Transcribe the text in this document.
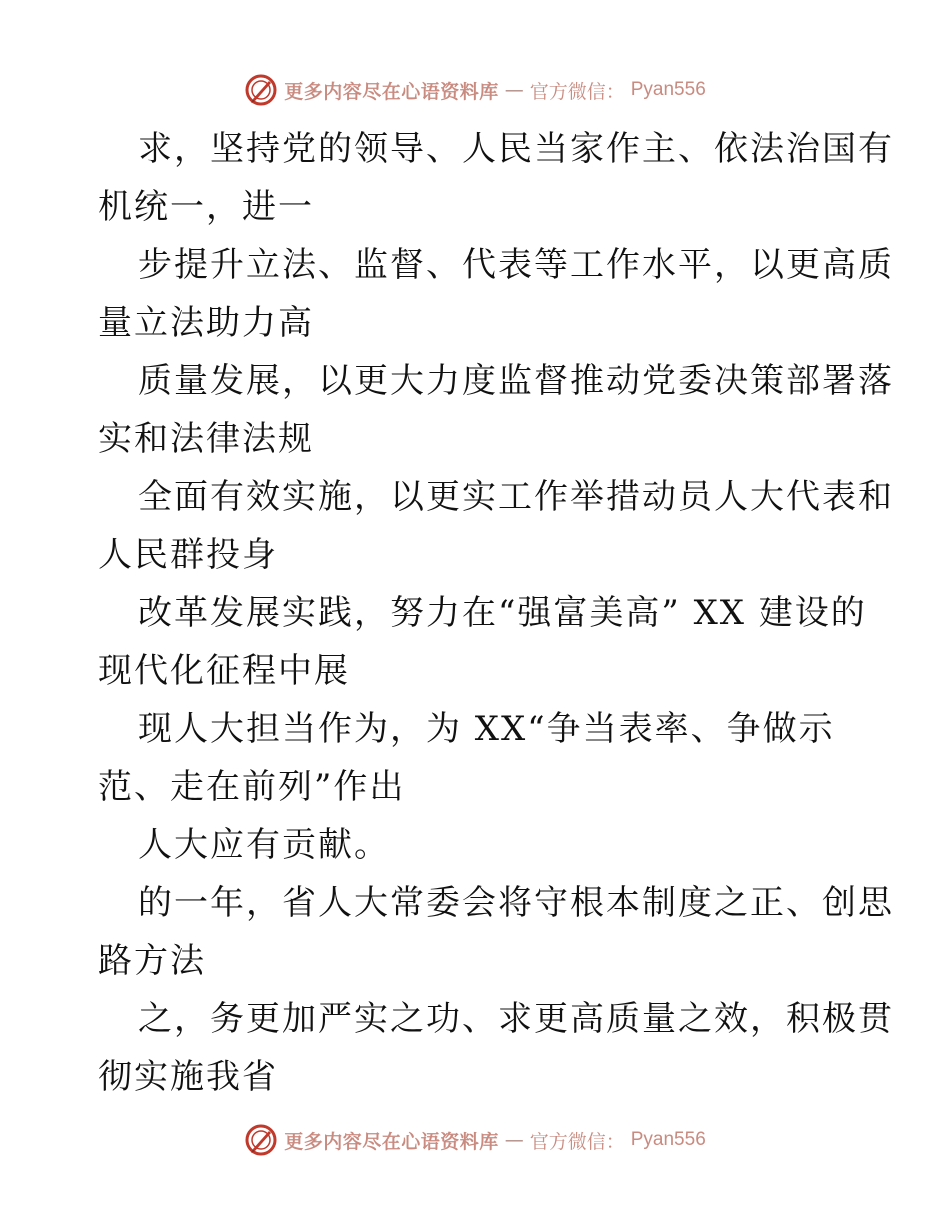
更多内容尽在心语资料库 — 官方微信： Pyan556
求，坚持党的领导、人民当家作主、依法治国有
机统一，进一
步提升立法、监督、代表等工作水平，以更高质
量立法助力高
质量发展，以更大力度监督推动党委决策部署落
实和法律法规
全面有效实施，以更实工作举措动员人大代表和
人民群投身
改革发展实践，努力在“强富美高” XX 建设的
现代化征程中展
现人大担当作为，为 XX“争当表率、争做示
范、走在前列”作出
人大应有贡献。
的一年，省人大常委会将守根本制度之正、创思
路方法
之，务更加严实之功、求更高质量之效，积极贯
彻实施我省
更多内容尽在心语资料库 — 官方微信： Pyan556
